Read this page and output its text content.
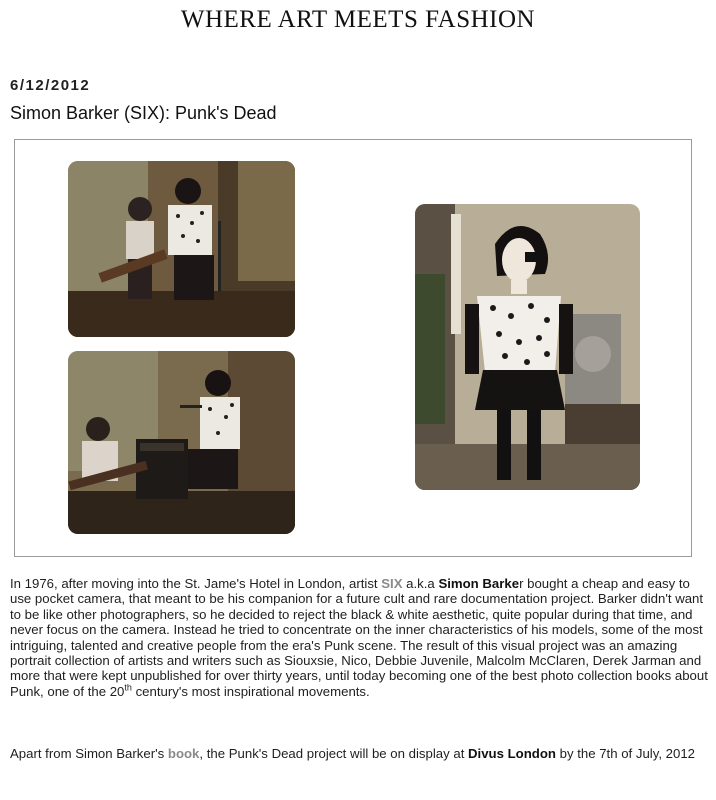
WHERE ART MEETS FASHION
6/12/2012
Simon Barker (SIX): Punk's Dead

In 1976, after moving into the St. Jame's Hotel in London, artist SIX a.k.a Simon Barker bought a cheap and easy to use pocket camera, that meant to be his companion for a future cult and rare documentation project. Barker didn't want to be like other photographers, so he decided to reject the black & white aesthetic, quite popular during that time, and never focus on the camera. Instead he tried to concentrate on the inner characteristics of his models, some of the most intriguing, talented and creative people from the era's Punk scene. The result of this visual project was an amazing portrait collection of artists and writers such as Siouxsie, Nico, Debbie Juvenile, Malcolm McClaren, Derek Jarman and more that were kept unpublished for over thirty years, until today becoming one of the best photo collection books about Punk, one of the 20th century's most inspirational movements.

Apart from Simon Barker's book, the Punk's Dead project will be on display at Divus London by the 7th of July, 2012
